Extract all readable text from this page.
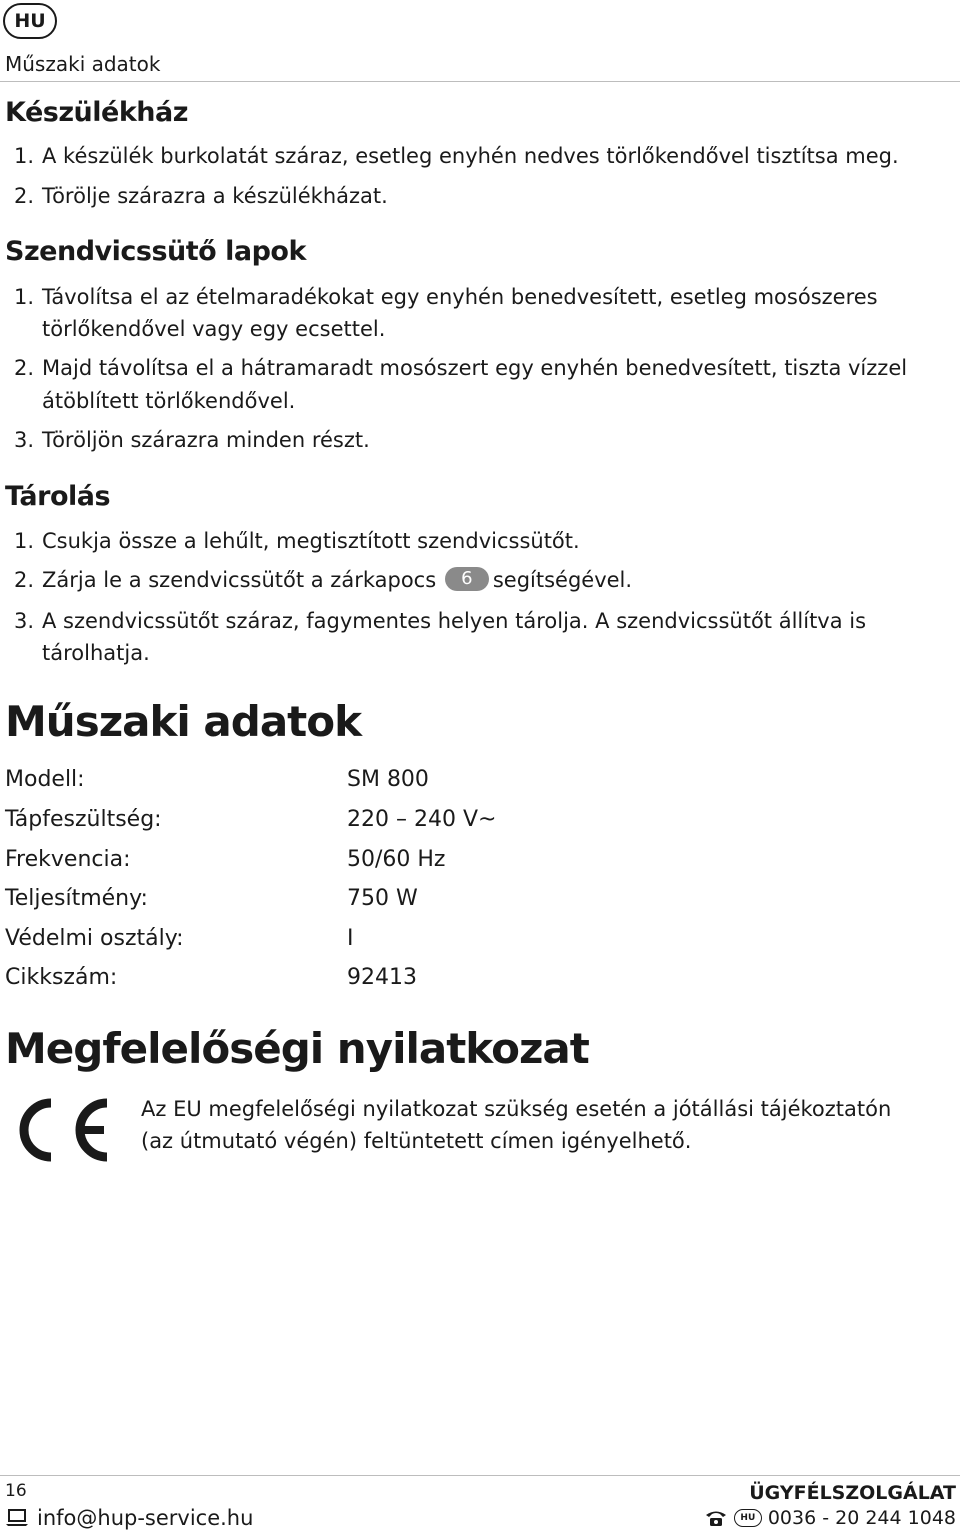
HU
Műszaki adatok
Készülékház
1. A készülék burkolatát száraz, esetleg enyhén nedves törlőkendővel tisztítsa meg.
2. Törölje szárazra a készülékházat.
Szendvicssütő lapok
1. Távolítsa el az ételmaradékokat egy enyhén benedvesített, esetleg mosószeres
törlőkendővel vagy egy ecsettel.
2. Majd távolítsa el a hátramaradt mosószert egy enyhén benedvesített, tiszta vízzel
átöblített törlőkendővel.
3. Töröljön szárazra minden részt.
Tárolás
1. Csukja össze a lehűlt, megtisztított szendvicssütőt.
2. Zárja le a szendvicssütőt a zárkapocs 6 segítségével.
3. A szendvicssütőt száraz, fagymentes helyen tárolja. A szendvicssütőt állítva is
tárolhatja.
Műszaki adatok
Modell:	SM 800
Tápfeszültség:	220 – 240 V~
Frekvencia:	50/60 Hz
Teljesítmény:	750 W
Védelmi osztály:	I
Cikkszám:	92413
Megfelelőségi nyilatkozat
Az EU megfelelőségi nyilatkozat szükség esetén a jótállási tájékoztatón
(az útmutató végén) feltüntetett címen igényelhető.
16
info@hup-service.hu
ÜGYFÉLSZOLGÁLAT
HU 0036 - 20 244 1048
